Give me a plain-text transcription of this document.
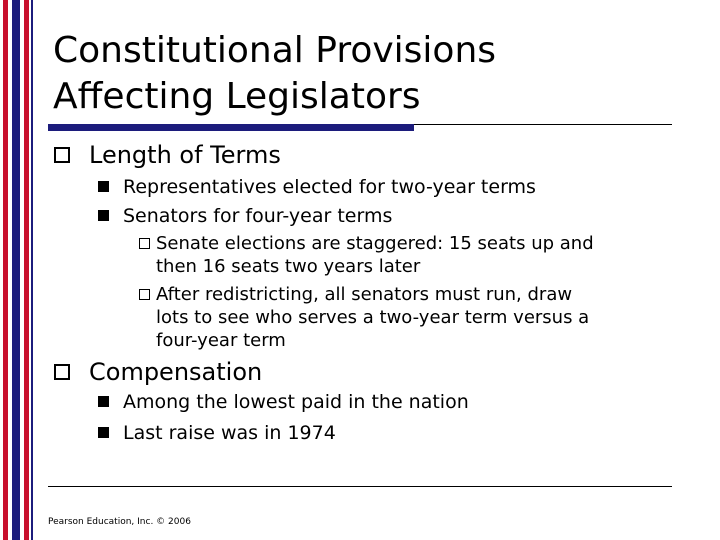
Constitutional Provisions
Affecting Legislators
Length of Terms
Representatives elected for two-year terms
Senators for four-year terms
Senate elections are staggered: 15 seats up and
then 16 seats two years later
After redistricting, all senators must run, draw
lots to see who serves a two-year term versus a
four-year term
Compensation
Among the lowest paid in the nation
Last raise was in 1974
Pearson Education, Inc. © 2006
